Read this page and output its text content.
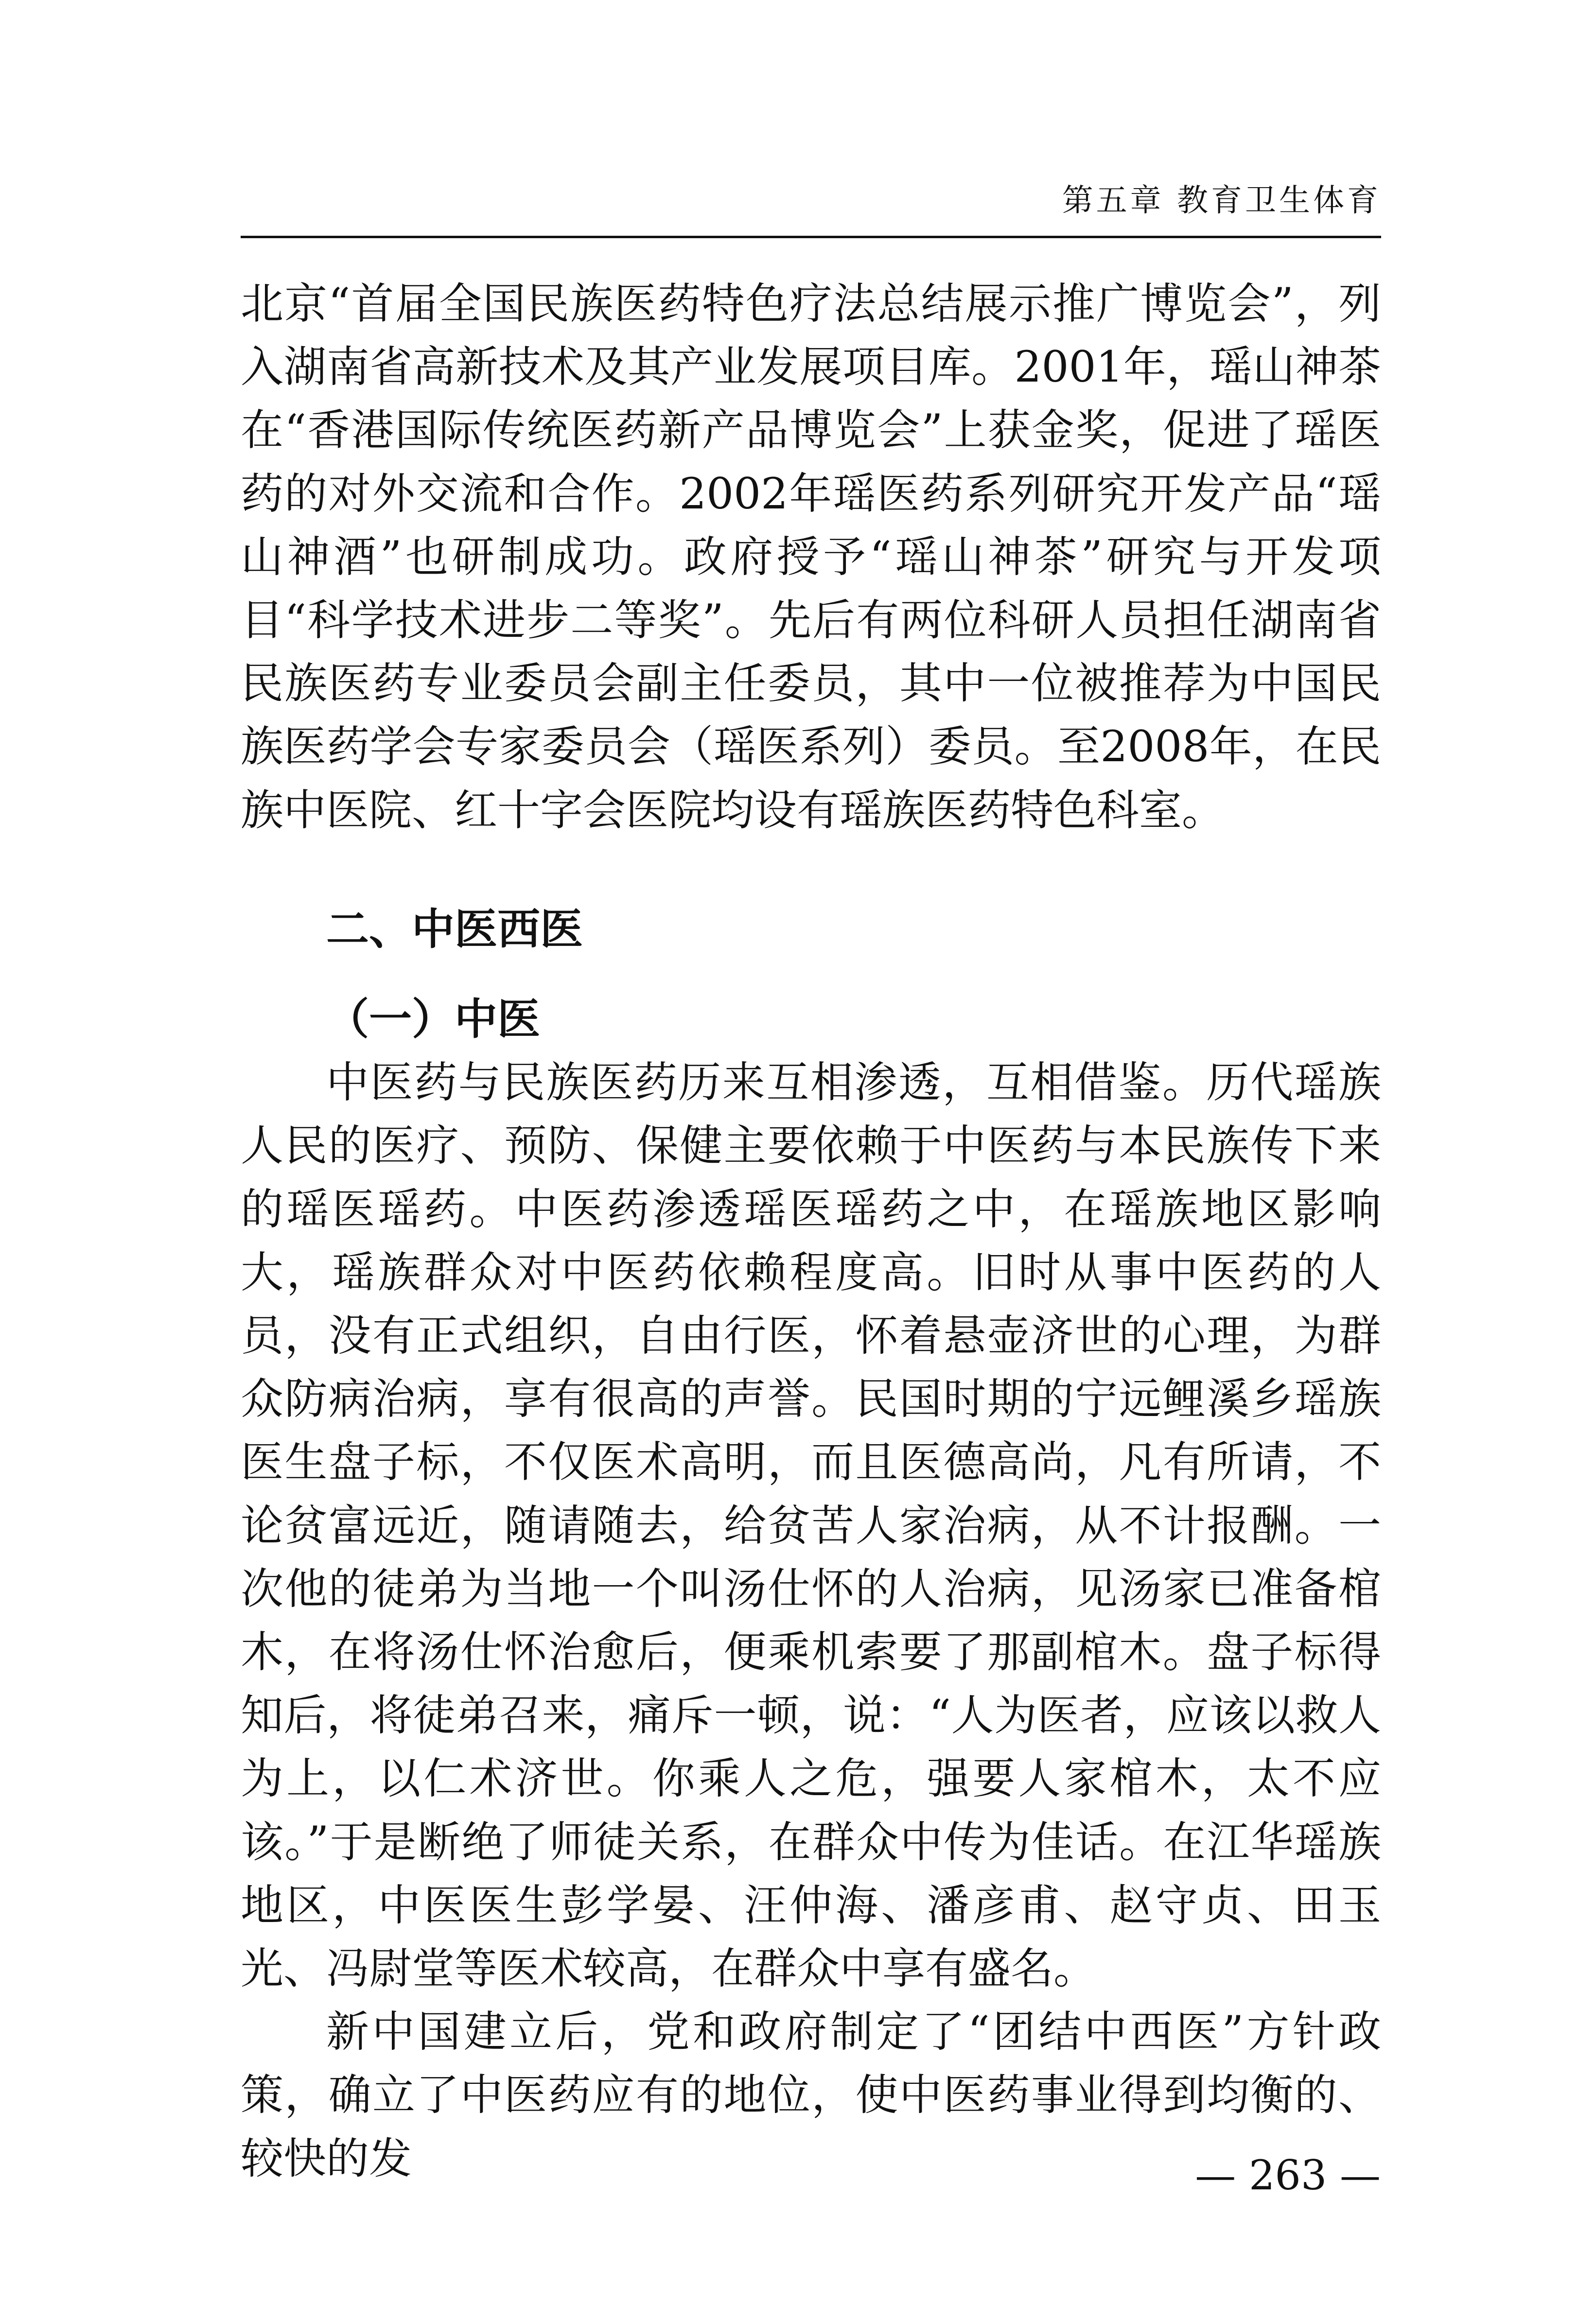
第五章 教育卫生体育

北京“首届全国民族医药特色疗法总结展示推广博览会”，列入湖南省高新技术及其产业发展项目库。2001年，瑶山神茶在“香港国际传统医药新产品博览会”上获金奖，促进了瑶医药的对外交流和合作。2002年瑶医药系列研究开发产品“瑶山神酒”也研制成功。政府授予“瑶山神茶”研究与开发项目“科学技术进步二等奖”。先后有两位科研人员担任湖南省民族医药专业委员会副主任委员，其中一位被推荐为中国民族医药学会专家委员会（瑶医系列）委员。至2008年，在民族中医院、红十字会医院均设有瑶族医药特色科室。

二、中医西医

（一）中医

中医药与民族医药历来互相渗透，互相借鉴。历代瑶族人民的医疗、预防、保健主要依赖于中医药与本民族传下来的瑶医瑶药。中医药渗透瑶医瑶药之中，在瑶族地区影响大，瑶族群众对中医药依赖程度高。旧时从事中医药的人员，没有正式组织，自由行医，怀着悬壶济世的心理，为群众防病治病，享有很高的声誉。民国时期的宁远鲤溪乡瑶族医生盘子标，不仅医术高明，而且医德高尚，凡有所请，不论贫富远近，随请随去，给贫苦人家治病，从不计报酬。一次他的徒弟为当地一个叫汤仕怀的人治病，见汤家已准备棺木，在将汤仕怀治愈后，便乘机索要了那副棺木。盘子标得知后，将徒弟召来，痛斥一顿，说：“人为医者，应该以救人为上，以仁术济世。你乘人之危，强要人家棺木，太不应该。”于是断绝了师徒关系，在群众中传为佳话。在江华瑶族地区，中医医生彭学晏、汪仲海、潘彦甫、赵守贞、田玉光、冯尉堂等医术较高，在群众中享有盛名。

新中国建立后，党和政府制定了“团结中西医”方针政策，确立了中医药应有的地位，使中医药事业得到均衡的、较快的发	— 263 —
